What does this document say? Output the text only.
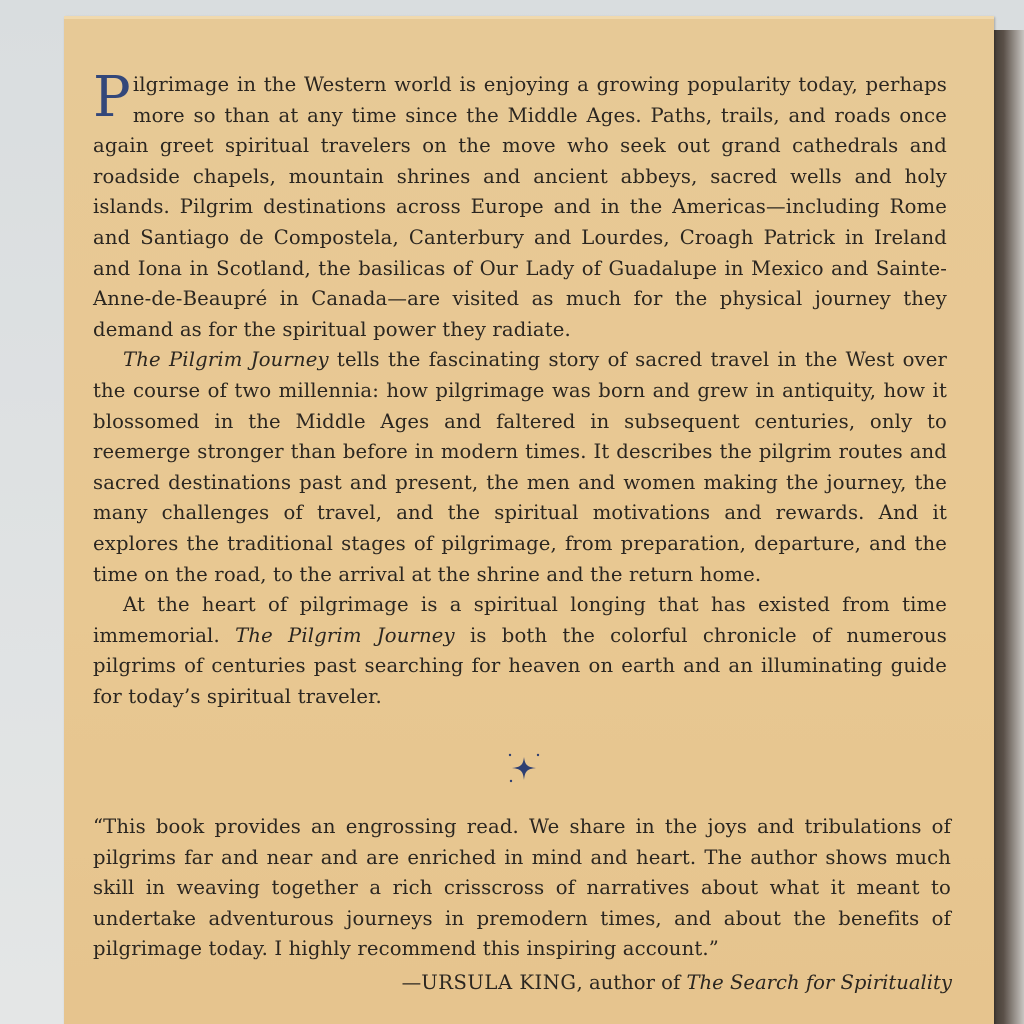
Pilgrimage in the Western world is enjoying a growing popularity today, perhaps more so than at any time since the Middle Ages. Paths, trails, and roads once again greet spiritual travelers on the move who seek out grand cathedrals and roadside chapels, mountain shrines and ancient abbeys, sacred wells and holy islands. Pilgrim destinations across Europe and in the Americas—including Rome and Santiago de Compostela, Canterbury and Lourdes, Croagh Patrick in Ireland and Iona in Scotland, the basilicas of Our Lady of Guadalupe in Mexico and Sainte-Anne-de-Beaupré in Canada—are visited as much for the physical journey they demand as for the spiritual power they radiate.

The Pilgrim Journey tells the fascinating story of sacred travel in the West over the course of two millennia: how pilgrimage was born and grew in antiquity, how it blossomed in the Middle Ages and faltered in subsequent centuries, only to reemerge stronger than before in modern times. It describes the pilgrim routes and sacred destinations past and present, the men and women making the journey, the many challenges of travel, and the spiritual motivations and rewards. And it explores the traditional stages of pilgrimage, from preparation, departure, and the time on the road, to the arrival at the shrine and the return home.

At the heart of pilgrimage is a spiritual longing that has existed from time immemorial. The Pilgrim Journey is both the colorful chronicle of numerous pilgrims of centuries past searching for heaven on earth and an illuminating guide for today’s spiritual traveler.

“This book provides an engrossing read. We share in the joys and tribulations of pilgrims far and near and are enriched in mind and heart. The author shows much skill in weaving together a rich crisscross of narratives about what it meant to undertake adventurous journeys in premodern times, and about the benefits of pilgrimage today. I highly recommend this inspiring account.”

—URSULA KING, author of The Search for Spirituality
